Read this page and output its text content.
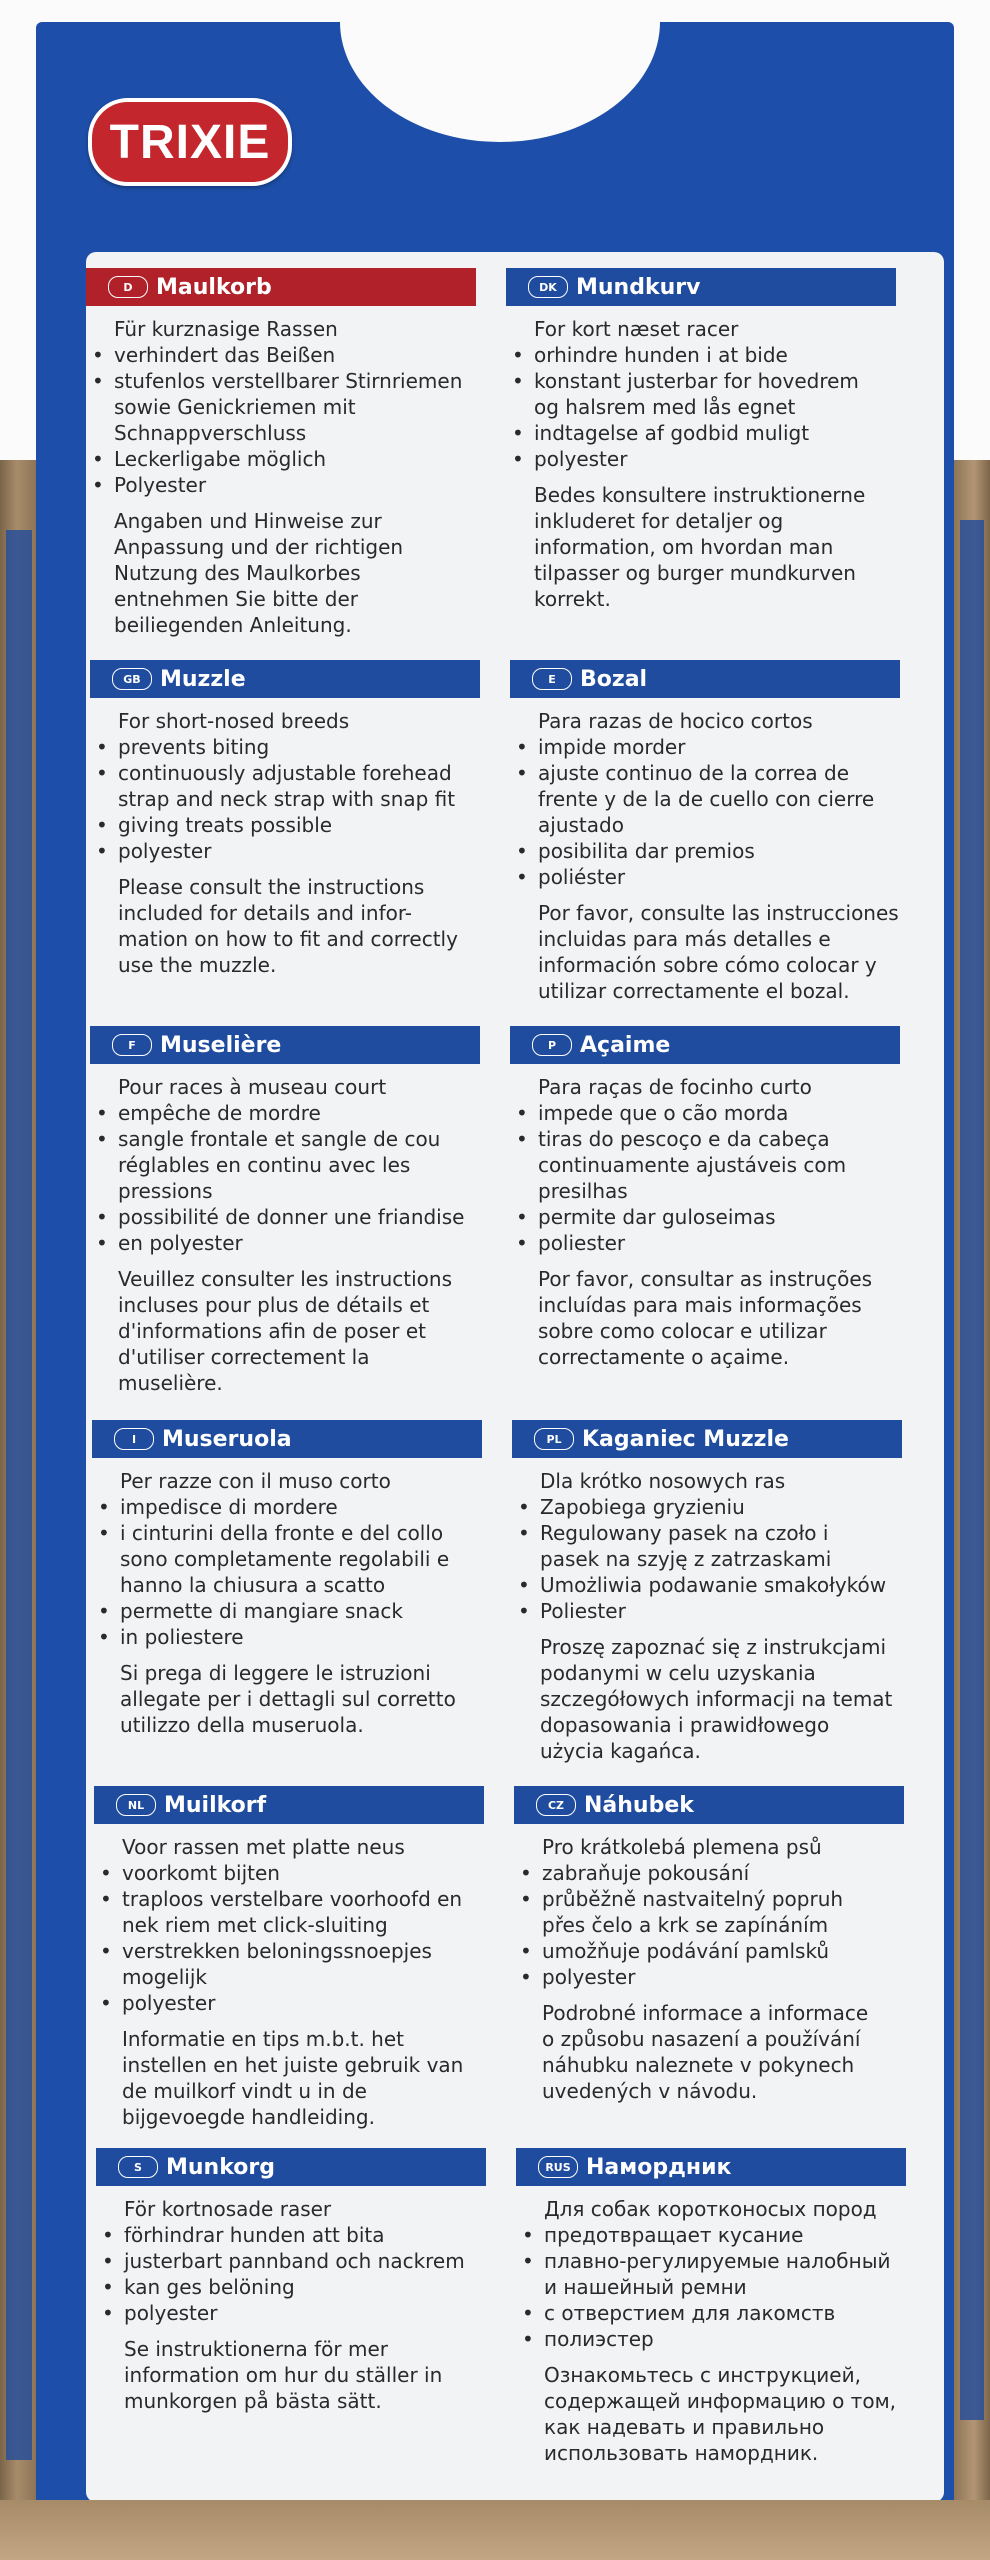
TRIXIE
D	Maulkorb
Für kurznasige Rassen
• verhindert das Beißen
• stufenlos verstellbarer Stirnriemen
sowie Genickriemen mit
Schnappverschluss
• Leckerligabe möglich
• Polyester
Angaben und Hinweise zur
Anpassung und der richtigen
Nutzung des Maulkorbes
entnehmen Sie bitte der
beiliegenden Anleitung.
DK Mundkurv
For kort næset racer
• orhindre hunden i at bide
• konstant justerbar for hovedrem
og halsrem med lås egnet
• indtagelse af godbid muligt
• polyester
Bedes konsultere instruktionerne
inkluderet for detaljer og
information, om hvordan man
tilpasser og burger mundkurven
korrekt.
GB Muzzle
For short-nosed breeds
• prevents biting
• continuously adjustable forehead
strap and neck strap with snap fit
• giving treats possible
• polyester
Please consult the instructions
included for details and infor-
mation on how to fit and correctly
use the muzzle.
E	Bozal
Para razas de hocico cortos
• impide morder
• ajuste continuo de la correa de
frente y de la de cuello con cierre
ajustado
• posibilita dar premios
• poliéster
Por favor, consulte las instrucciones
incluidas para más detalles e
información sobre cómo colocar y
utilizar correctamente el bozal.
F	Muselière
Pour races à museau court
• empêche de mordre
• sangle frontale et sangle de cou
réglables en continu avec les
pressions
• possibilité de donner une friandise
• en polyester
Veuillez consulter les instructions
incluses pour plus de détails et
d'informations afin de poser et
d'utiliser correctement la
muselière.
P	Açaime
Para raças de focinho curto
• impede que o cão morda
• tiras do pescoço e da cabeça
continuamente ajustáveis com
presilhas
• permite dar guloseimas
• poliester
Por favor, consultar as instruções
incluídas para mais informações
sobre como colocar e utilizar
correctamente o açaime.
I	Museruola
Per razze con il muso corto
• impedisce di mordere
• i cinturini della fronte e del collo
sono completamente regolabili e
hanno la chiusura a scatto
• permette di mangiare snack
• in poliestere
Si prega di leggere le istruzioni
allegate per i dettagli sul corretto
utilizzo della museruola.
PL Kaganiec Muzzle
Dla krótko nosowych ras
• Zapobiega gryzieniu
• Regulowany pasek na czoło i
pasek na szyję z zatrzaskami
• Umożliwia podawanie smakołyków
• Poliester
Proszę zapoznać się z instrukcjami
podanymi w celu uzyskania
szczegółowych informacji na temat
dopasowania i prawidłowego
użycia kagańca.
NL Muilkorf
Voor rassen met platte neus
• voorkomt bijten
• traploos verstelbare voorhoofd en
nek riem met click-sluiting
• verstrekken beloningssnoepjes
mogelijk
• polyester
Informatie en tips m.b.t. het
instellen en het juiste gebruik van
de muilkorf vindt u in de
bijgevoegde handleiding.
CZ Náhubek
Pro krátkolebá plemena psů
• zabraňuje pokousání
• průběžně nastvaitelný popruh
přes čelo a krk se zapínáním
• umožňuje podávání pamlsků
• polyester
Podrobné informace a informace
o způsobu nasazení a používání
náhubku naleznete v pokynech
uvedených v návodu.
S	Munkorg
För kortnosade raser
• förhindrar hunden att bita
• justerbart pannband och nackrem
• kan ges belöning
• polyester
Se instruktionerna för mer
information om hur du ställer in
munkorgen på bästa sätt.
RUS Намордник
Для собак коротконосых пород
• предотвращает кусание
• плавно-регулируемые налобный
и нашейный ремни
• с отверстием для лакомств
• полиэстер
Ознакомьтесь с инструкцией,
содержащей информацию о том,
как надевать и правильно
использовать намордник.
